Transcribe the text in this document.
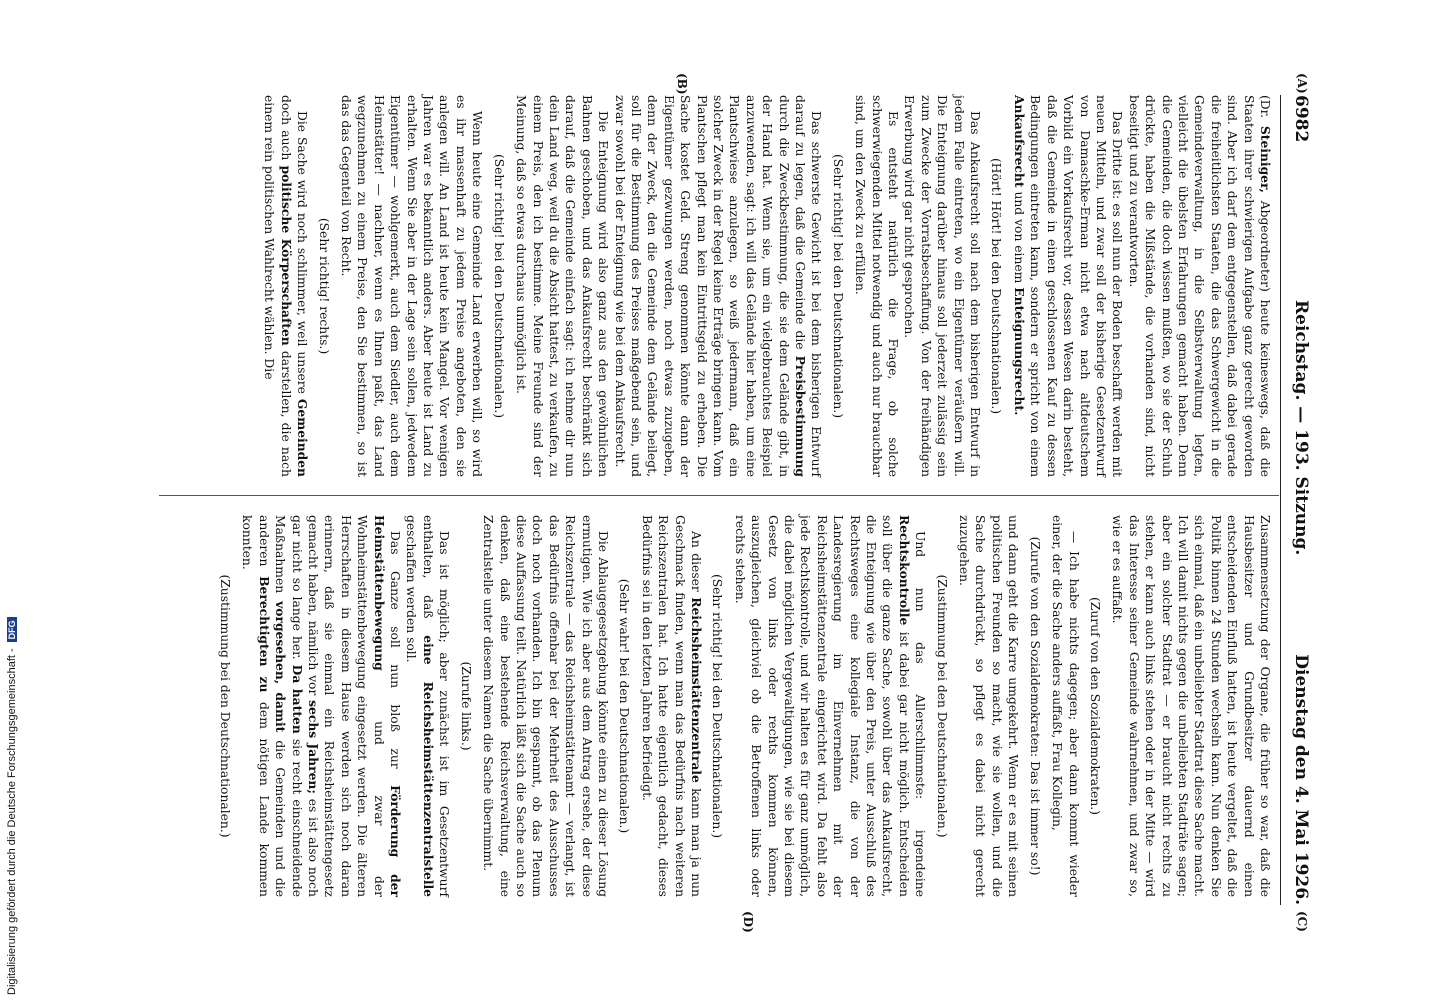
6982
Reichstag. — 193. Sitzung.
Dienstag den 4. Mai 1926.
(A)
(B)
(C)
(D)

(Dr. Steiniger, Abgeordneter) heute keineswegs, daß die Staaten ihrer schwierigen Aufgabe ganz gerecht geworden sind. Aber ich darf dem entgegenstellen, daß dabei gerade die freiheitlichsten Staaten, die das Schwergewicht in die Gemeindeverwaltung, in die Selbstverwaltung legten, vielleicht die übelsten Erfahrungen gemacht haben. Denn die Gemeinden, die doch wissen mußten, wo sie der Schuh drückte, haben die Mißstände, die vorhanden sind, nicht beseitigt und zu verantworten.

Das Dritte ist: es soll nun der Boden beschafft werden mit neuen Mitteln, und zwar soll der bisherige Gesetzentwurf von Damaschke-Erman nicht etwa nach altdeutschem Vorbild ein Vorkaufsrecht vor, dessen Wesen darin besteht, daß die Gemeinde in einen geschlossenen Kauf zu dessen Bedingungen eintreten kann, sondern er spricht von einem Ankaufsrecht und von einem Enteignungsrecht.

(Hört! Hört! bei den Deutschnationalen.)

Das Ankaufsrecht soll nach dem bisherigen Entwurf in jedem Falle eintreten, wo ein Eigentümer veräußern will. Die Enteignung darüber hinaus soll jederzeit zulässig sein zum Zwecke der Vorratsbeschaffung. Von der freihändigen Erwerbung wird gar nicht gesprochen.

Es entsteht natürlich die Frage, ob solche schwerwiegenden Mittel notwendig und auch nur brauchbar sind, um den Zweck zu erfüllen.

(Sehr richtig! bei den Deutschnationalen.)

Das schwerste Gewicht ist bei dem bisherigen Entwurf darauf zu legen, daß die Gemeinde die Preisbestimmung durch die Zweckbestimmung, die sie dem Gelände gibt, in der Hand hat. Wenn sie, um ein vielgebrauchtes Beispiel anzuwenden, sagt: ich will das Gelände hier haben, um eine Plantschwiese anzulegen, so weiß jedermann, daß ein solcher Zweck in der Regel keine Erträge bringen kann. Vom Plantschen pflegt man kein Eintrittsgeld zu erheben. Die Sache kostet Geld. Streng genommen könnte dann der Eigentümer gezwungen werden, noch etwas zuzugeben, denn der Zweck, den die Gemeinde dem Gelände beilegt, soll für die Bestimmung des Preises maßgebend sein, und zwar sowohl bei der Enteignung wie bei dem Ankaufsrecht.

Die Enteignung wird also ganz aus den gewöhnlichen Bahnen geschoben, und das Ankaufsrecht beschränkt sich darauf, daß die Gemeinde einfach sagt: ich nehme dir nun dein Land weg, weil du die Absicht hattest, zu verkaufen, zu einem Preis, den ich bestimme. Meine Freunde sind der Meinung, daß so etwas durchaus unmöglich ist.

(Sehr richtig! bei den Deutschnationalen.)

Wenn heute eine Gemeinde Land erwerben will, so wird es ihr massenhaft zu jedem Preise angeboten, den sie anlegen will. An Land ist heute kein Mangel. Vor wenigen Jahren war es bekanntlich anders. Aber heute ist Land zu erhalten. Wenn Sie aber in der Lage sein sollen, jedwedem Eigentümer — wohlgemerkt, auch dem Siedler, auch dem Heimstätter! — nachher, wenn es Ihnen paßt, das Land wegzunehmen zu einem Preise, den Sie bestimmen, so ist das das Gegenteil von Recht.

(Sehr richtig! rechts.)

Die Sache wird noch schlimmer, weil unsere Gemeinden doch auch politische Körperschaften darstellen, die nach einem rein politischen Wahlrecht wählen. Die

Zusammensetzung der Organe, die früher so war, daß die Hausbesitzer und Grundbesitzer dauernd einen entscheidenden Einfluß hatten, ist heute vergeltet, daß die Politik binnen 24 Stunden wechseln kann. Nun denken Sie sich einmal, daß ein unbeliebter Stadtrat diese Sache macht. Ich will damit nichts gegen die unbeliebten Stadträte sagen; aber ein solcher Stadtrat — er braucht nicht rechts zu stehen, er kann auch links stehen oder in der Mitte — wird das Interesse seiner Gemeinde wahrnehmen, und zwar so, wie er es auffaßt.

(Zuruf von den Sozialdemokraten.)

— Ich habe nichts dagegen; aber dann kommt wieder einer, der die Sache anders auffaßt, Frau Kollegin,

(Zurufe von den Sozialdemokraten: Das ist immer so!)

und dann geht die Karre umgekehrt. Wenn er es mit seinen politischen Freunden so macht, wie sie wollen, und die Sache durchdrückt, so pflegt es dabei nicht gerecht zuzugehen.

(Zustimmung bei den Deutschnationalen.)

Und nun das Allerschlimmste: irgendeine Rechtskontrolle ist dabei gar nicht möglich. Entscheiden soll über die ganze Sache, sowohl über das Ankaufsrecht, die Enteignung wie über den Preis, unter Ausschluß des Rechtsweges eine kollegiale Instanz, die von der Landesregierung im Einvernehmen mit der Reichsheimstättenzentrale eingerichtet wird. Da fehlt also jede Rechtskontrolle, und wir halten es für ganz unmöglich, die dabei möglichen Vergewaltigungen, wie sie bei diesem Gesetz von links oder rechts kommen können, auszugleichen, gleichviel ob die Betroffenen links oder rechts stehen.

(Sehr richtig! bei den Deutschnationalen.)

An dieser Reichsheimstättenzentrale kann man ja nun Geschmack finden, wenn man das Bedürfnis nach weiteren Reichszentralen hat. Ich hatte eigentlich gedacht, dieses Bedürfnis sei in den letzten Jahren befriedigt.

(Sehr wahr! bei den Deutschnationalen.)

Die Ablaugegesetzgebung könnte einen zu dieser Lösung ermutigen. Wie ich aber aus dem Antrag ersehe, der diese Reichszentrale — das Reichsheimstättenamt — verlangt, ist das Bedürfnis offenbar bei der Mehrheit des Ausschusses doch noch vorhanden. Ich bin gespannt, ob das Plenum diese Auffassung teilt. Natürlich läßt sich die Sache auch so denken, daß eine bestehende Reichsverwaltung, eine Zentralstelle unter diesem Namen die Sache übernimmt.

(Zurufe links.)

Das ist möglich; aber zunächst ist im Gesetzentwurf enthalten, daß eine Reichsheimstättenzentralstelle geschaffen werden soll.

Das Ganze soll nun bloß zur Förderung der Heimstättenbewegung und zwar der Wohnheimstättenbewegung eingesetzt werden. Die älteren Herrschaften in diesem Hause werden sich noch daran erinnern, daß sie einmal ein Reichsheimstättengesetz gemacht haben, nämlich vor sechs Jahren; es ist also noch gar nicht so lange her. Da hatten sie recht einschneidende Maßnahmen vorgesehen, damit die Gemeinden und die anderen Berechtigten zu dem nötigen Lande kommen konnten.

(Zustimmung bei den Deutschnationalen.)

Digitalisierung gefördert durch die Deutsche Forschungsgemeinschaft -DFG
